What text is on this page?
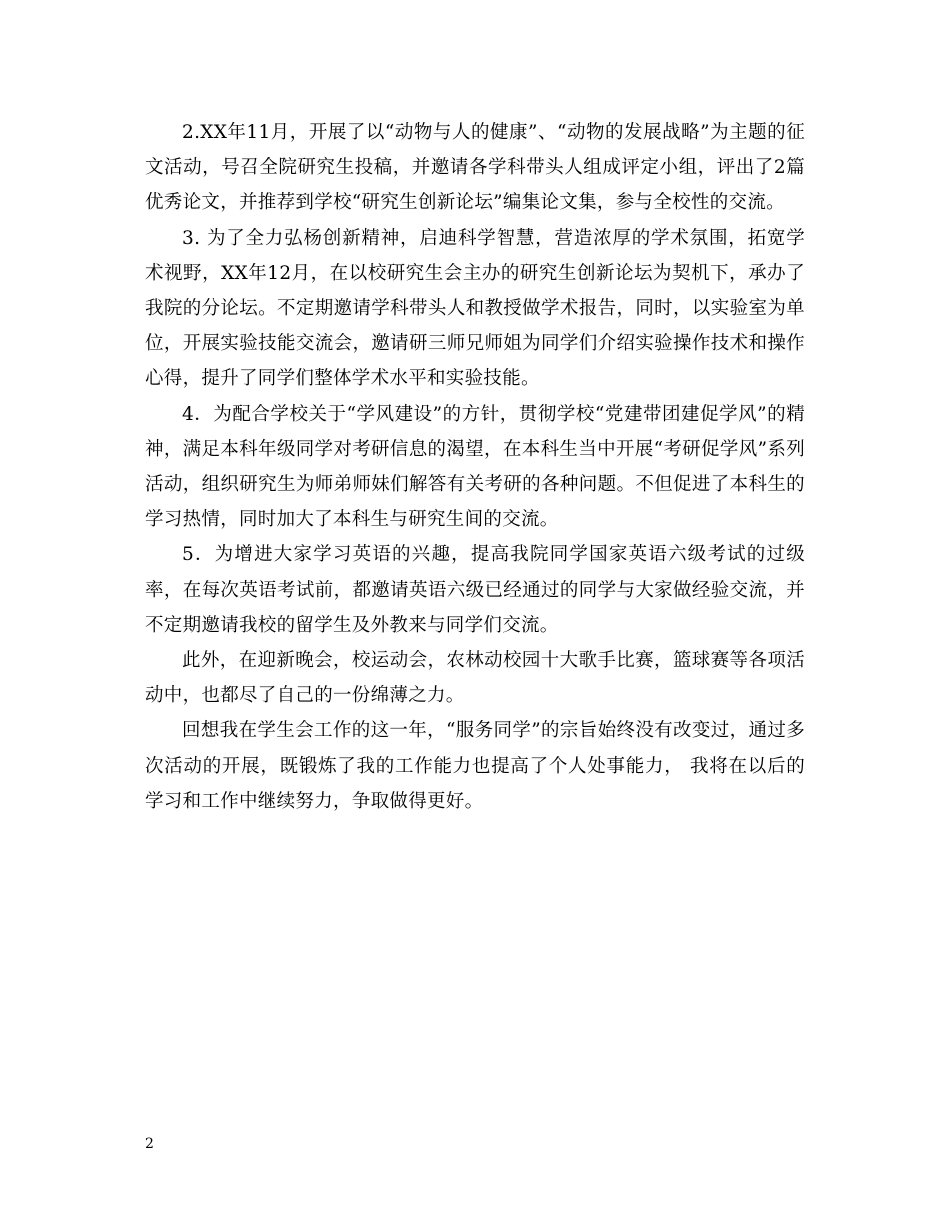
2.XX年11月，开展了以“动物与人的健康”、“动物的发展战略”为主题的征文活动，号召全院研究生投稿，并邀请各学科带头人组成评定小组，评出了2篇优秀论文，并推荐到学校“研究生创新论坛”编集论文集，参与全校性的交流。

3. 为了全力弘杨创新精神，启迪科学智慧，营造浓厚的学术氛围，拓宽学术视野，XX年12月，在以校研究生会主办的研究生创新论坛为契机下，承办了我院的分论坛。不定期邀请学科带头人和教授做学术报告，同时，以实验室为单位，开展实验技能交流会，邀请研三师兄师姐为同学们介绍实验操作技术和操作心得，提升了同学们整体学术水平和实验技能。

4．为配合学校关于“学风建设”的方针，贯彻学校“党建带团建促学风”的精神，满足本科年级同学对考研信息的渴望，在本科生当中开展“考研促学风”系列活动，组织研究生为师弟师妹们解答有关考研的各种问题。不但促进了本科生的学习热情，同时加大了本科生与研究生间的交流。

5．为增进大家学习英语的兴趣，提高我院同学国家英语六级考试的过级率，在每次英语考试前，都邀请英语六级已经通过的同学与大家做经验交流，并不定期邀请我校的留学生及外教来与同学们交流。

此外，在迎新晚会，校运动会，农林动校园十大歌手比赛，篮球赛等各项活动中，也都尽了自己的一份绵薄之力。

回想我在学生会工作的这一年，“服务同学”的宗旨始终没有改变过，通过多次活动的开展，既锻炼了我的工作能力也提高了个人处事能力， 我将在以后的学习和工作中继续努力，争取做得更好。

2
